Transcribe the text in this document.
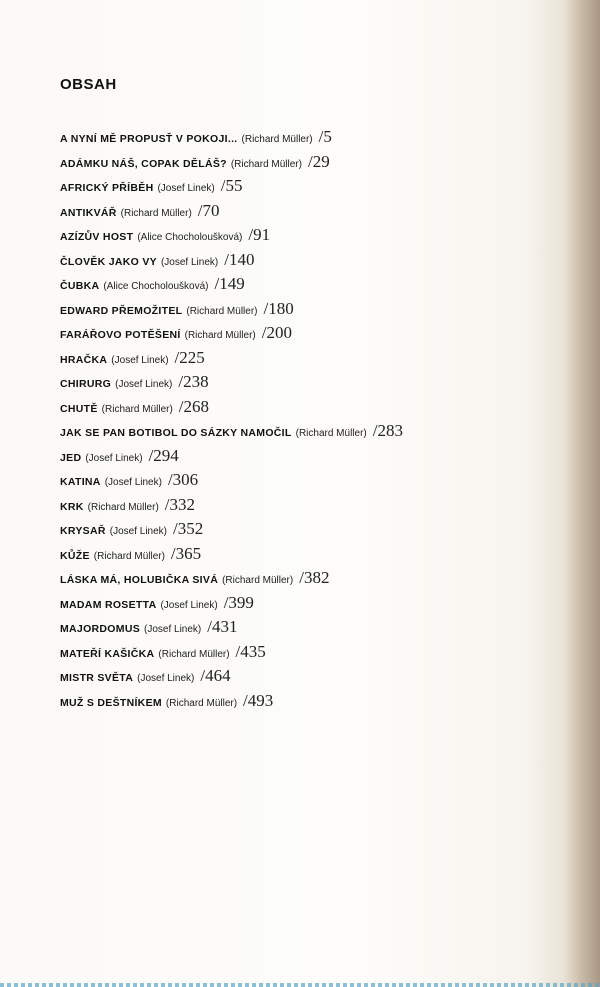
OBSAH
A NYNÍ MĚ PROPUSŤ V POKOJI... (Richard Müller) /5
ADÁMKU NÁŠ, COPAK DĚLÁŠ? (Richard Müller) /29
AFRICKÝ PŘÍBĚH (Josef Linek) /55
ANTIKVÁŘ (Richard Müller) /70
AZÍZŮV HOST (Alice Chocholoušková) /91
ČLOVĚK JAKO VY (Josef Linek) /140
ČUBKA (Alice Chocholoušková) /149
EDWARD PŘEMOŽITEL (Richard Müller) /180
FARÁŘOVO POTĚŠENÍ (Richard Müller) /200
HRAČKA (Josef Linek) /225
CHIRURG (Josef Linek) /238
CHUTĚ (Richard Müller) /268
JAK SE PAN BOTIBOL DO SÁZKY NAMOČIL (Richard Müller) /283
JED (Josef Linek) /294
KATINA (Josef Linek) /306
KRK (Richard Müller) /332
KRYSAŘ (Josef Linek) /352
KŮŽE (Richard Müller) /365
LÁSKA MÁ, HOLUBIČKA SIVÁ (Richard Müller) /382
MADAM ROSETTA (Josef Linek) /399
MAJORDOMUS (Josef Linek) /431
MATEŘÍ KAŠIČKA (Richard Müller) /435
MISTR SVĚTA (Josef Linek) /464
MUŽ S DEŠTNÍKEM (Richard Müller) /493
